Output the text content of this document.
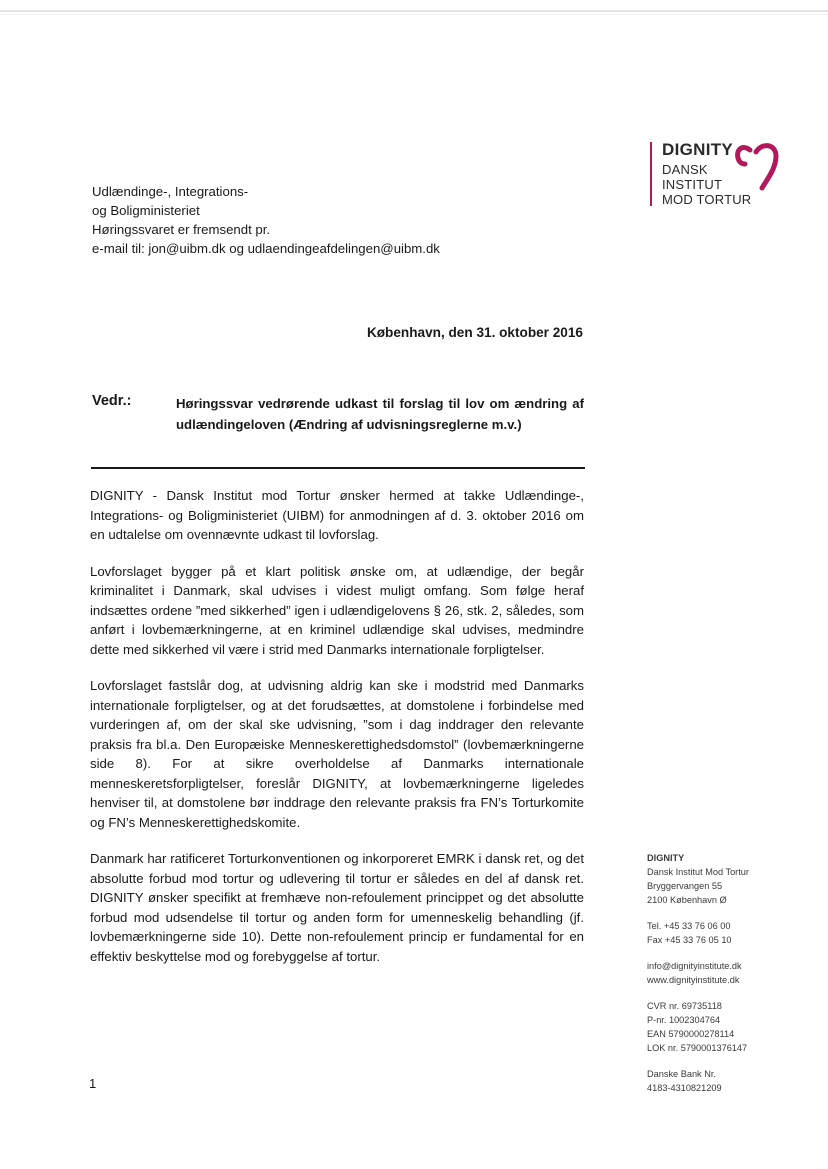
DIGNITY
DANSK
INSTITUT
MOD TORTUR
Udlændinge-, Integrations-
og Boligministeriet
Høringssvaret er fremsendt pr.
e-mail til: jon@uibm.dk og udlaendingeafdelingen@uibm.dk
København, den 31. oktober 2016
Vedr.:	Høringssvar vedrørende udkast til forslag til lov om ændring af udlændingeloven (Ændring af udvisningsreglerne m.v.)

DIGNITY - Dansk Institut mod Tortur ønsker hermed at takke Udlændinge-, Integrations- og Boligministeriet (UIBM) for anmodningen af d. 3. oktober 2016 om en udtalelse om ovennævnte udkast til lovforslag.

Lovforslaget bygger på et klart politisk ønske om, at udlændige, der begår kriminalitet i Danmark, skal udvises i videst muligt omfang. Som følge heraf indsættes ordene ”med sikkerhed” igen i udlændigelovens § 26, stk. 2, således, som anført i lovbemærkningerne, at en kriminel udlændige skal udvises, medmindre dette med sikkerhed vil være i strid med Danmarks internationale forpligtelser.

Lovforslaget fastslår dog, at udvisning aldrig kan ske i modstrid med Danmarks internationale forpligtelser, og at det forudsættes, at domstolene i forbindelse med vurderingen af, om der skal ske udvisning, ”som i dag inddrager den relevante praksis fra bl.a. Den Europæiske Menneskerettighedsdomstol” (lovbemærkningerne side 8). For at sikre overholdelse af Danmarks internationale menneskeretsforpligtelser, foreslår DIGNITY, at lovbemærkningerne ligeledes henviser til, at domstolene bør inddrage den relevante praksis fra FN’s Torturkomite og FN’s Menneskerettighedskomite.

Danmark har ratificeret Torturkonventionen og inkorporeret EMRK i dansk ret, og det absolutte forbud mod tortur og udlevering til tortur er således en del af dansk ret. DIGNITY ønsker specifikt at fremhæve non-refoulement princippet og det absolutte forbud mod udsendelse til tortur og anden form for umenneskelig behandling (jf. lovbemærkningerne side 10). Dette non-refoulement princip er fundamental for en effektiv beskyttelse mod og forebyggelse af tortur.

DIGNITY
Dansk Institut Mod Tortur
Bryggervangen 55
2100 København Ø
Tel. +45 33 76 06 00
Fax +45 33 76 05 10
info@dignityinstitute.dk
www.dignityinstitute.dk
CVR nr. 69735118
P-nr. 1002304764
EAN 5790000278114
LOK nr. 5790001376147
Danske Bank Nr.
4183-4310821209
1
